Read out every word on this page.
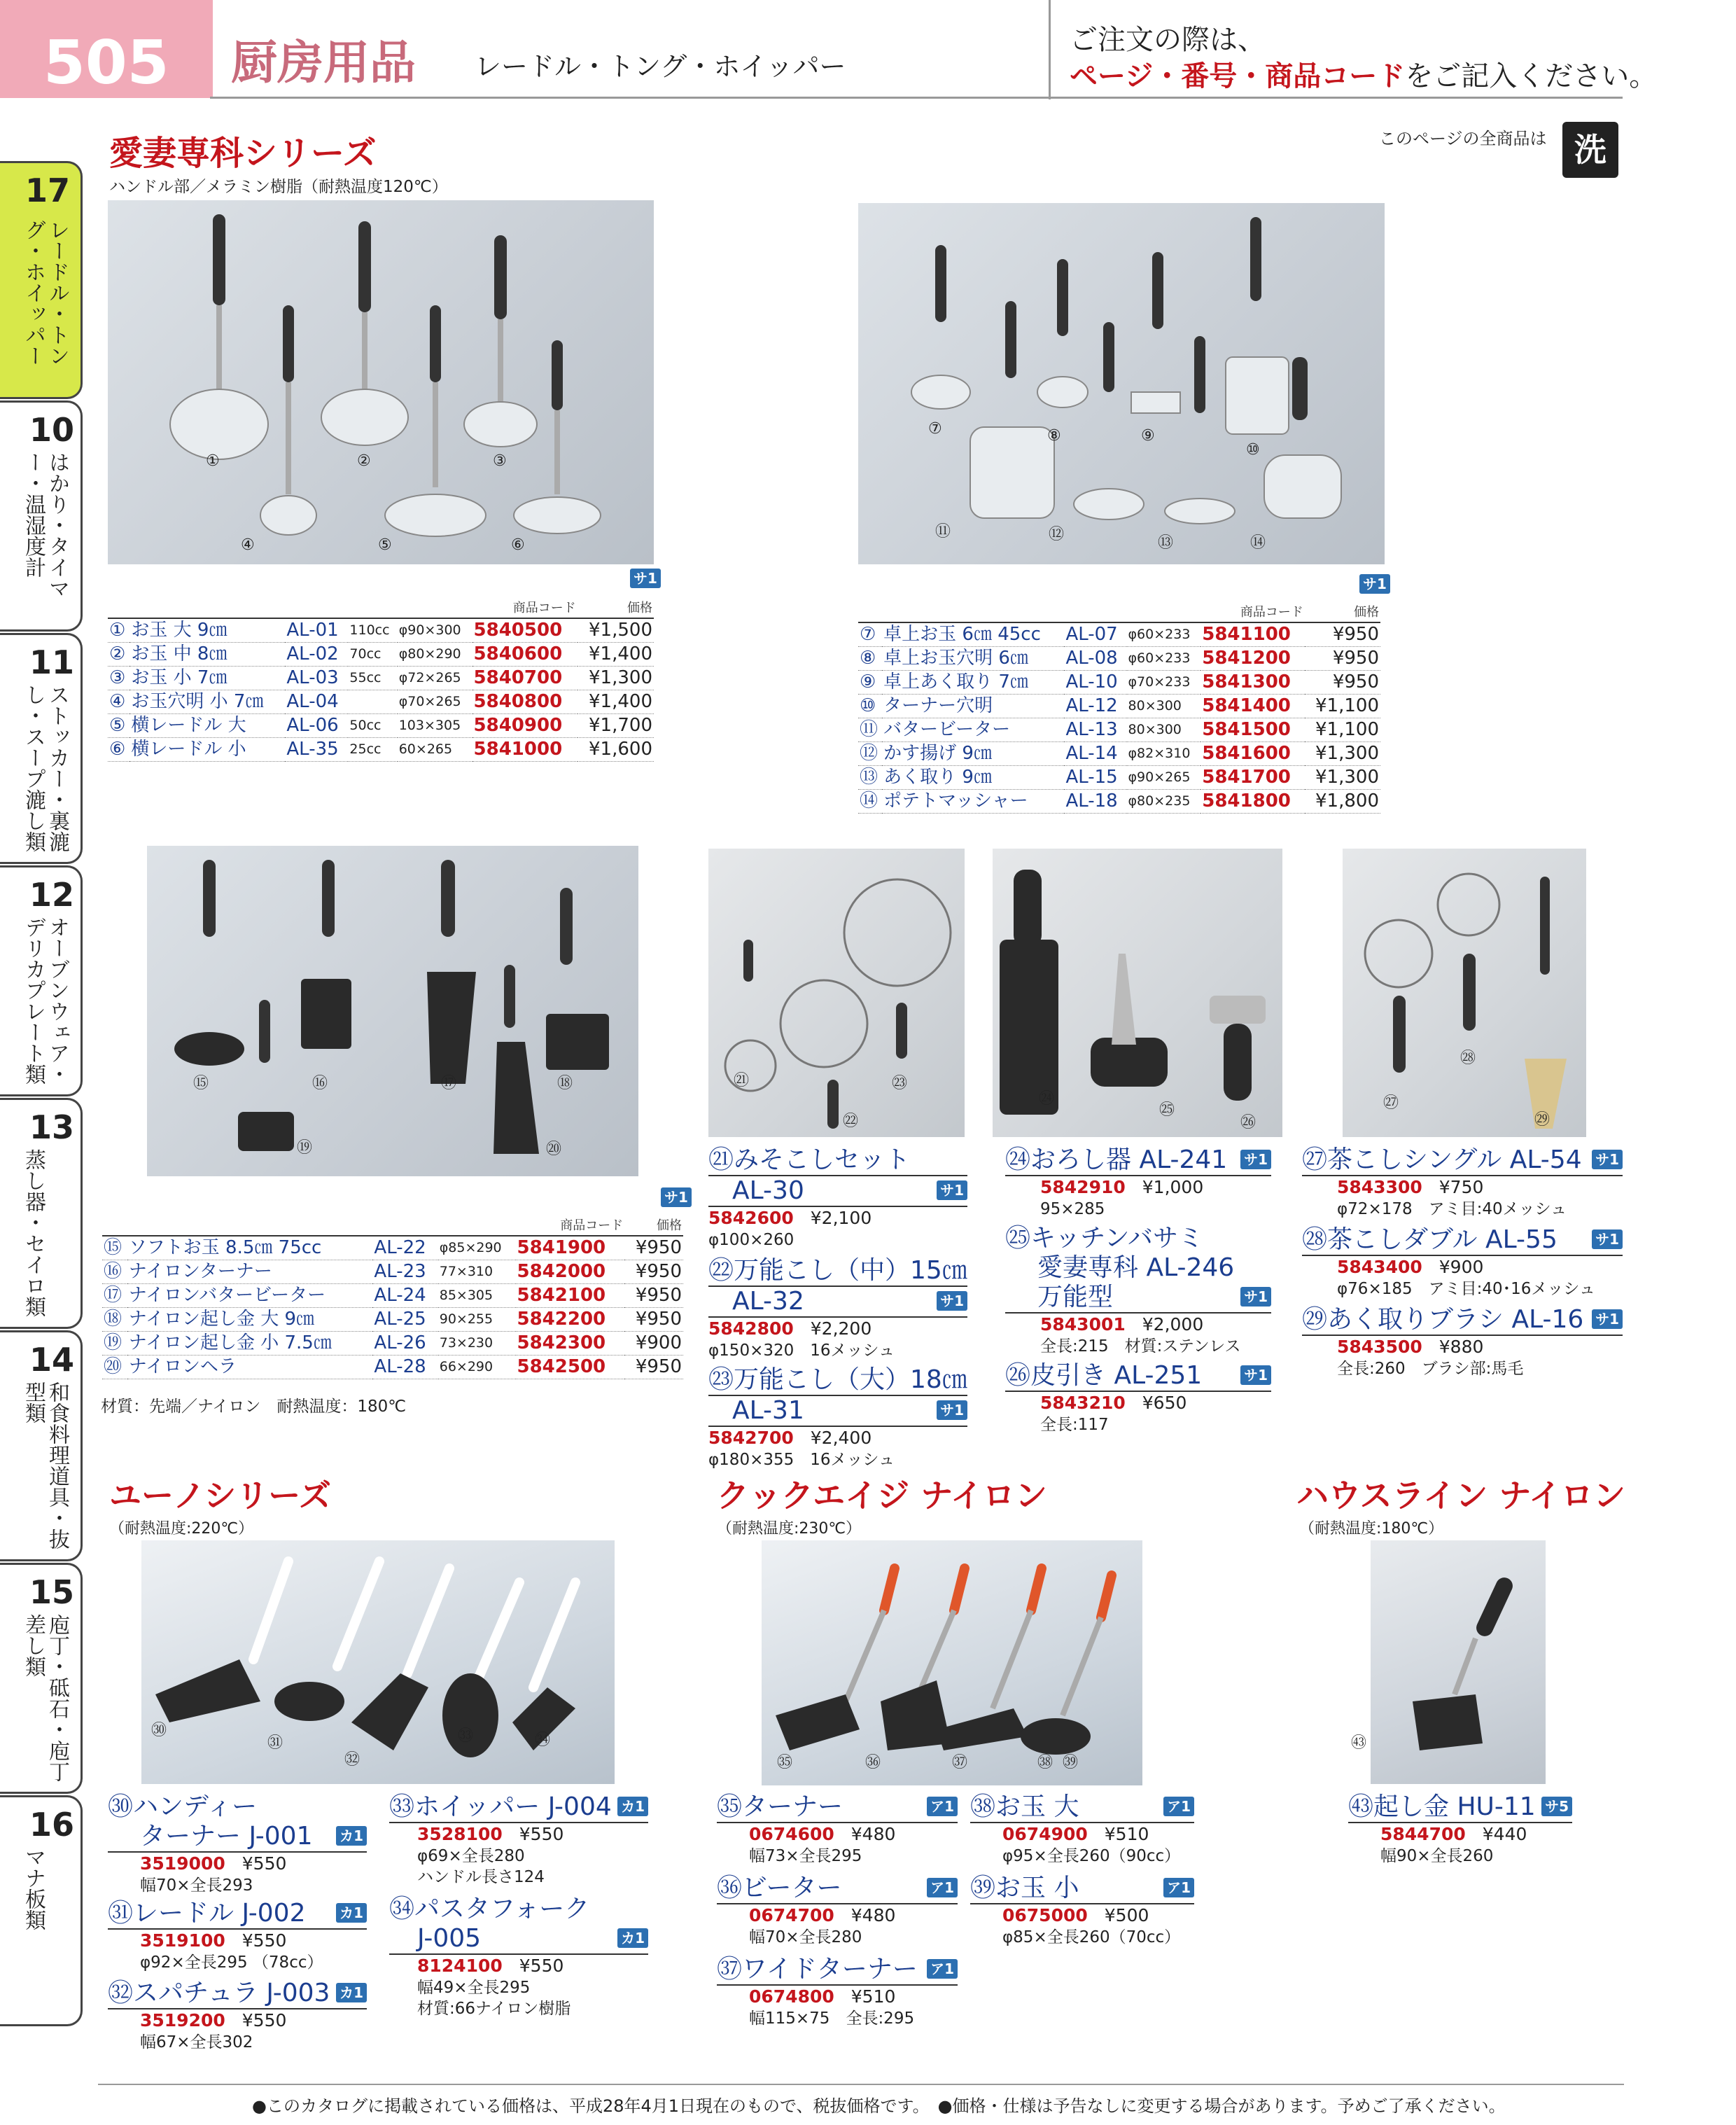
505 厨房用品 レードル・トング・ホイッパー
ご注文の際は、
ページ・番号・商品コードをご記入ください。
このページの全商品は 洗
17
レードル・トング・ホイッパー
10
はかり・タイマー・温湿度計
11
ストッカー・裏漉し・スープ漉し類
12
オーブンウェア・デリカプレート類
13
蒸し器・セイロ類
14
和食料理道具・抜型類
15
庖丁・砥石・庖丁差し類
16
マナ板類
愛妻専科シリーズ
ハンドル部／メラミン樹脂（耐熱温度120℃）
①	②	③
④	⑤	⑥
サ1
					商品コード	価格
①	お玉 大 9㎝	AL-01	110cc	φ90×300	5840500	¥1,500
②	お玉 中 8㎝	AL-02	70cc	φ80×290	5840600	¥1,400
③	お玉 小 7㎝	AL-03	55cc	φ72×265	5840700	¥1,300
④	お玉穴明 小 7㎝	AL-04		φ70×265	5840800	¥1,400
⑤	横レードル 大	AL-06	50cc	103×305	5840900	¥1,700
⑥	横レードル 小	AL-35	25cc	60×265	5841000	¥1,600
⑦	⑧	⑨
⑩
⑪	⑫	⑬	⑭
サ1
				商品コード	価格
⑦	卓上お玉 6㎝ 45cc	AL-07	φ60×233	5841100	¥950
⑧	卓上お玉穴明 6㎝	AL-08	φ60×233	5841200	¥950
⑨	卓上あく取り 7㎝	AL-10	φ70×233	5841300	¥950
⑩	ターナー穴明	AL-12	80×300	5841400	¥1,100
⑪	バタービーター	AL-13	80×300	5841500	¥1,100
⑫	かす揚げ 9㎝	AL-14	φ82×310	5841600	¥1,300
⑬	あく取り 9㎝	AL-15	φ90×265	5841700	¥1,300
⑭	ポテトマッシャー	AL-18	φ80×235	5841800	¥1,800
⑮	⑯	⑰	⑱
⑲	⑳
サ1
				商品コード	価格
⑮	ソフトお玉 8.5㎝ 75cc	AL-22	φ85×290	5841900	¥950
⑯	ナイロンターナー	AL-23	77×310	5842000	¥950
⑰	ナイロンバタービーター	AL-24	85×305	5842100	¥950
⑱	ナイロン起し金 大 9㎝	AL-25	90×255	5842200	¥950
⑲	ナイロン起し金 小 7.5㎝	AL-26	73×230	5842300	¥900
⑳	ナイロンヘラ	AL-28	66×290	5842500	¥950
材質：先端／ナイロン　耐熱温度：180℃
㉑
㉒
㉓
㉔
㉕
㉖
㉗
㉘
㉙
㉑みそこしセット
AL-30	サ1
5842600 ¥2,100
φ100×260
㉒万能こし（中）15㎝
AL-32	サ1
5842800 ¥2,200
φ150×320　16メッシュ
㉓万能こし（大）18㎝
AL-31	サ1
5842700 ¥2,400
φ180×355　16メッシュ
㉔おろし器 AL-241 サ1
5842910 ¥1,000
95×285
㉕キッチンバサミ
愛妻専科 AL-246
万能型	サ1
5843001 ¥2,000
全長:215　材質:ステンレス
㉖皮引き AL-251	サ1
5843210 ¥650
全長:117
㉗茶こしシングル AL-54 サ1
5843300 ¥750
φ72×178　アミ目:40メッシュ
㉘茶こしダブル AL-55	サ1
5843400 ¥900
φ76×185　アミ目:40･16メッシュ
㉙あく取りブラシ AL-16 サ1
5843500 ¥880
全長:260　ブラシ部:馬毛
ユーノシリーズ
（耐熱温度:220℃）
㉚
㉛
㉜
㉝	㉞
㉚ハンディー
ターナー J-001 カ1
3519000 ¥550
幅70×全長293
㉛レードル J-002 カ1
3519100 ¥550
φ92×全長295 （78cc）
㉜スパチュラ J-003 カ1
3519200 ¥550
幅67×全長302
㉝ホイッパー J-004 カ1
3528100 ¥550
φ69×全長280
ハンドル長さ124
㉞パスタフォーク
J-005	カ1
8124100 ¥550
幅49×全長295
材質:66ナイロン樹脂
クックエイジ ナイロン
（耐熱温度:230℃）
㉟	㊱	㊲	㊳ ㊴
㉟ターナー	ア1
0674600 ¥480
幅73×全長295
㊱ビーター	ア1
0674700 ¥480
幅70×全長280
㊲ワイドターナー ア1
0674800 ¥510
幅115×75　全長:295
㊳お玉 大	ア1
0674900 ¥510
φ95×全長260（90cc）
㊴お玉 小	ア1
0675000 ¥500
φ85×全長260（70cc）
ハウスライン ナイロン
（耐熱温度:180℃）
㊸
㊸起し金 HU-11 サ5
5844700 ¥440
幅90×全長260
●このカタログに掲載されている価格は、平成28年4月1日現在のもので、税抜価格です。　●価格・仕様は予告なしに変更する場合があります。予めご了承ください。
